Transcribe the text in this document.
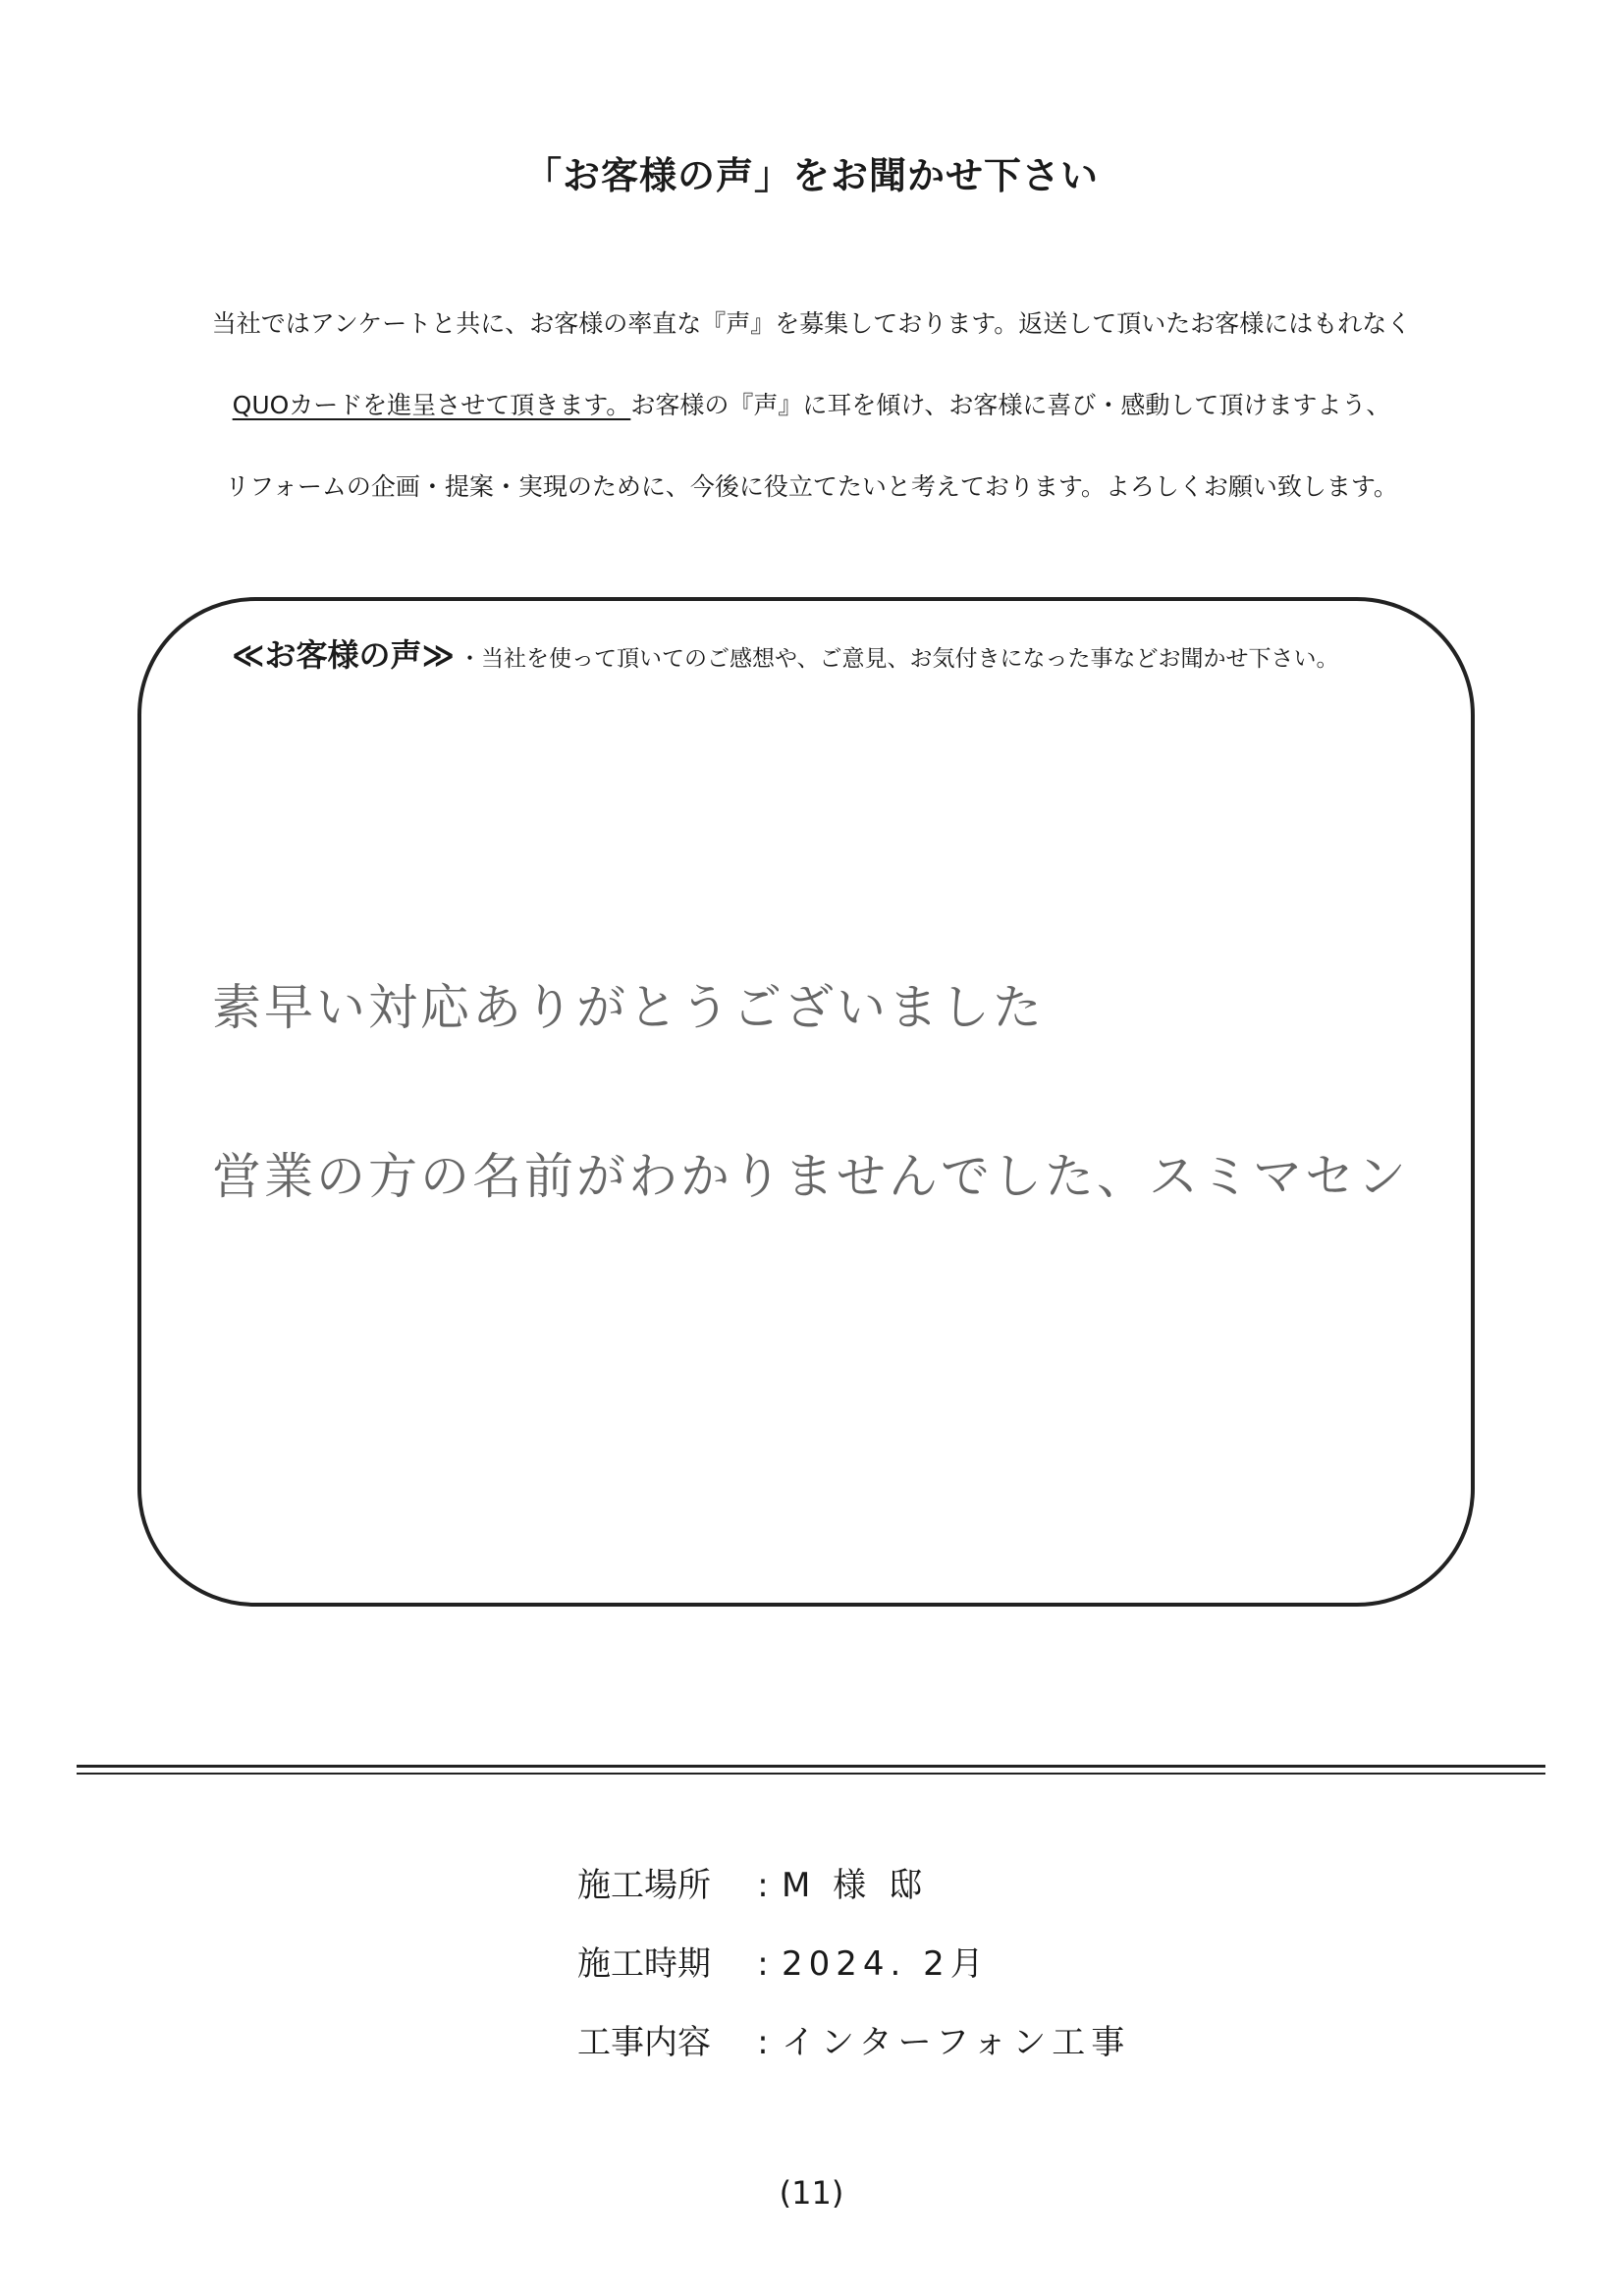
「お客様の声」をお聞かせ下さい

当社ではアンケートと共に、お客様の率直な『声』を募集しております。返送して頂いたお客様にはもれなく

QUOカードを進呈させて頂きます。お客様の『声』に耳を傾け、お客様に喜び・感動して頂けますよう、

リフォームの企画・提案・実現のために、今後に役立てたいと考えております。よろしくお願い致します。

≪お客様の声≫ ・当社を使って頂いてのご感想や、ご意見、お気付きになった事などお聞かせ下さい。
素早い対応ありがとうございました
営業の方の名前がわかりませんでした、スミマセン
施工場所 : M 様 邸
施工時期 : 2024. 2月
工事内容 : インターフォン工事
(11)
